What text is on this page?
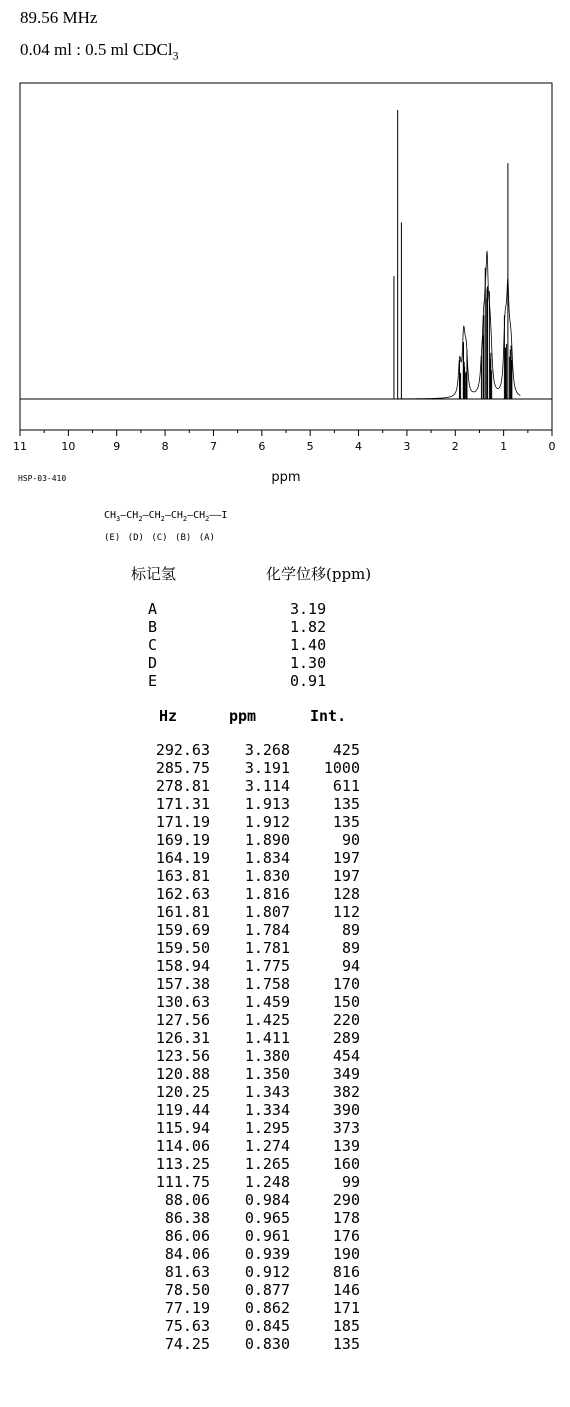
89.56 MHz
0.04 ml : 0.5 ml CDCl$_3$
11	10	9	8	7	6	5	4	3	2	1	0
ppm
HSP-03-410
$CH_3—CH_2—CH_2—CH_2—CH_2——I$
(E) (D) (C) (B) (A)
标记氢	化学位移(ppm)
A	3.19
B	1.82
C	1.40
D	1.30
E	0.91
Hz	ppm	Int.
292.63	3.268	425
285.75	3.191	1000
278.81	3.114	611
171.31	1.913	135
171.19	1.912	135
169.19	1.890	90
164.19	1.834	197
163.81	1.830	197
162.63	1.816	128
161.81	1.807	112
159.69	1.784	89
159.50	1.781	89
158.94	1.775	94
157.38	1.758	170
130.63	1.459	150
127.56	1.425	220
126.31	1.411	289
123.56	1.380	454
120.88	1.350	349
120.25	1.343	382
119.44	1.334	390
115.94	1.295	373
114.06	1.274	139
113.25	1.265	160
111.75	1.248	99
88.06	0.984	290
86.38	0.965	178
86.06	0.961	176
84.06	0.939	190
81.63	0.912	816
78.50	0.877	146
77.19	0.862	171
75.63	0.845	185
74.25	0.830	135
